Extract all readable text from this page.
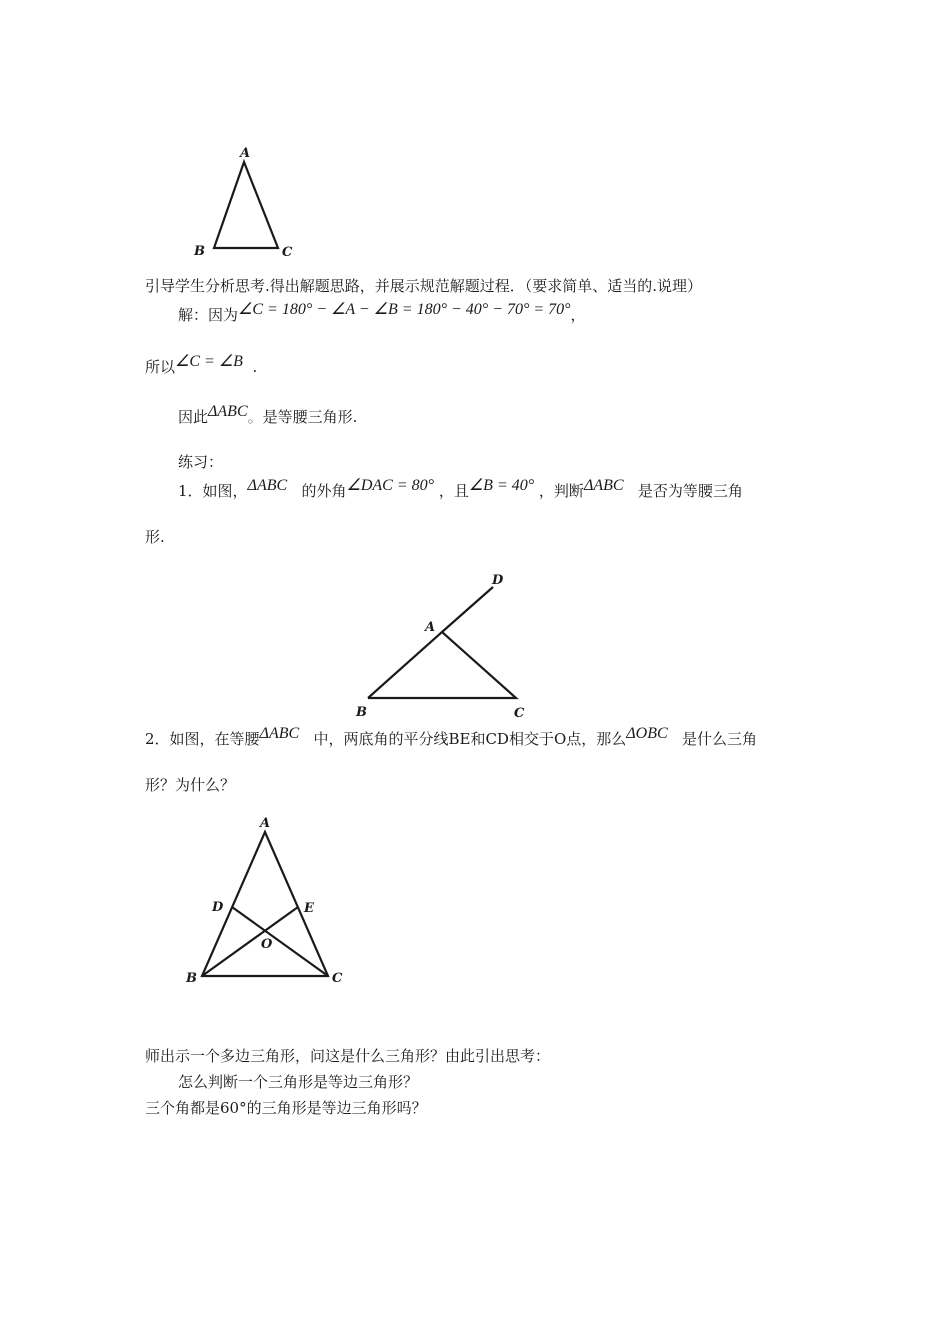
A
B	C
引导学生分析思考.得出解题思路，并展示规范解题过程．（要求简单、适当的.说理）
解：因为∠C = 180° − ∠A − ∠B = 180° − 40° − 70° = 70°，
所以∠C = ∠B .
因此ΔABC。是等腰三角形.
练习：
1．如图，ΔABC 的外角∠DAC = 80° ，且∠B = 40° ，判断ΔABC 是否为等腰三角
形.
D
A
B	C
2．如图，在等腰ΔABC 中，两底角的平分线BE和CD相交于O点，那么ΔOBC 是什么三角
形？为什么？
A
D	E
O
B	C
师出示一个多边三角形，问这是什么三角形？由此引出思考：
怎么判断一个三角形是等边三角形？
三个角都是60°的三角形是等边三角形吗？
